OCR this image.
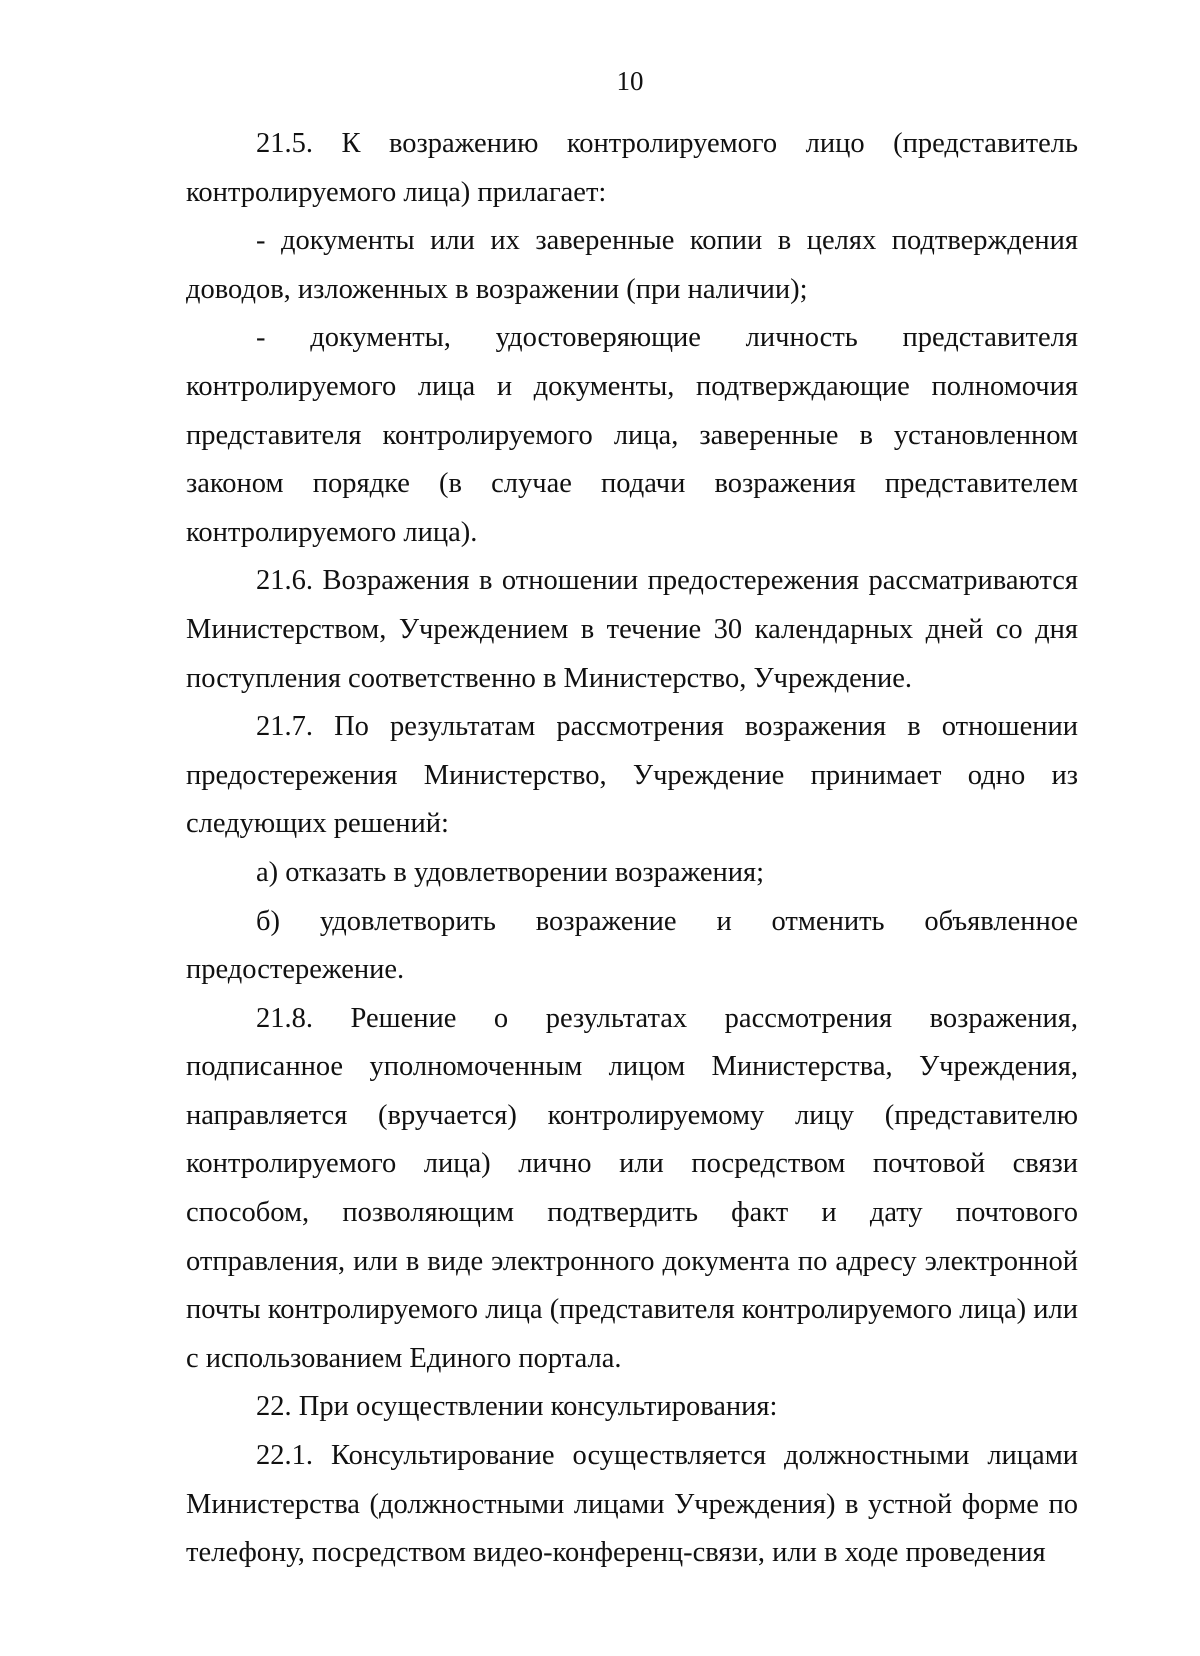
10

21.5. К возражению контролируемого лицо (представитель контролируемого лица) прилагает:

- документы или их заверенные копии в целях подтверждения доводов, изложенных в возражении (при наличии);

- документы, удостоверяющие личность представителя контролируемого лица и документы, подтверждающие полномочия представителя контролируемого лица, заверенные в установленном законом порядке (в случае подачи возражения представителем контролируемого лица).

21.6. Возражения в отношении предостережения рассматриваются Министерством, Учреждением в течение 30 календарных дней со дня поступления соответственно в Министерство, Учреждение.

21.7. По результатам рассмотрения возражения в отношении предостережения Министерство, Учреждение принимает одно из следующих решений:

а) отказать в удовлетворении возражения;

б) удовлетворить возражение и отменить объявленное предостережение.

21.8. Решение о результатах рассмотрения возражения, подписанное уполномоченным лицом Министерства, Учреждения, направляется (вручается) контролируемому лицу (представителю контролируемого лица) лично или посредством почтовой связи способом, позволяющим подтвердить факт и дату почтового отправления, или в виде электронного документа по адресу электронной почты контролируемого лица (представителя контролируемого лица) или с использованием Единого портала.

22. При осуществлении консультирования:

22.1. Консультирование осуществляется должностными лицами Министерства (должностными лицами Учреждения) в устной форме по телефону, посредством видео-конференц-связи, или в ходе проведения
